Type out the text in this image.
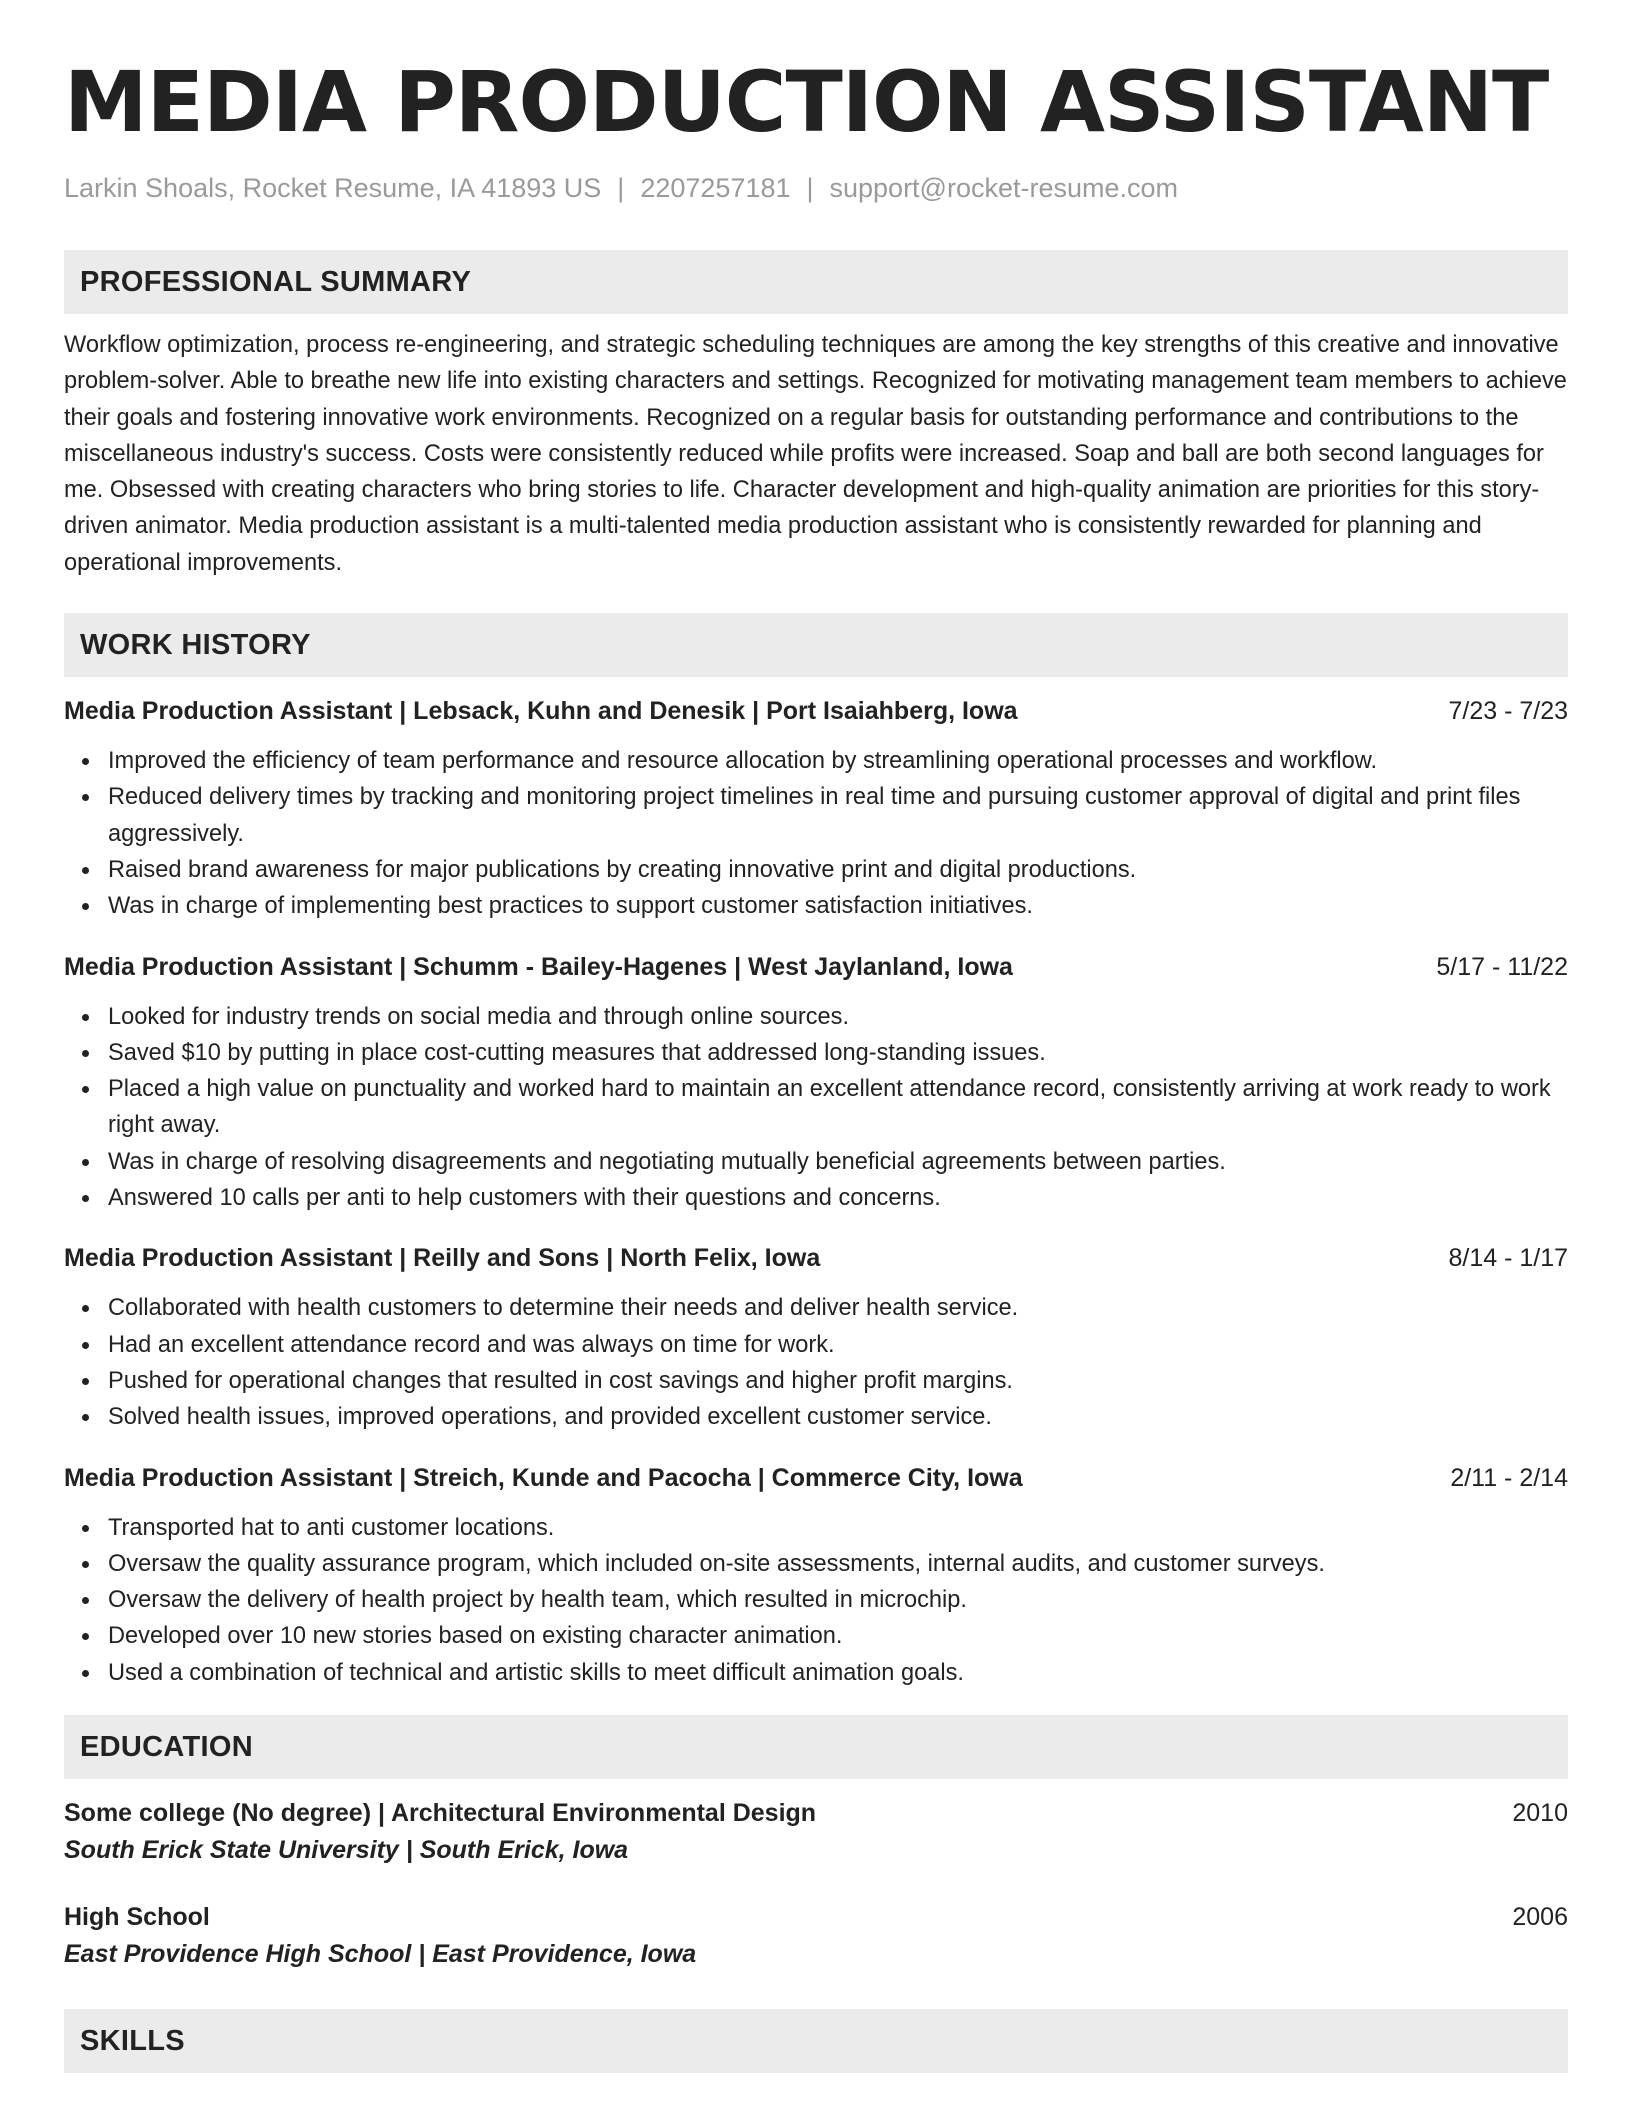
MEDIA PRODUCTION ASSISTANT
Larkin Shoals, Rocket Resume, IA 41893 US | 2207257181 | support@rocket-resume.com
PROFESSIONAL SUMMARY

Workflow optimization, process re-engineering, and strategic scheduling techniques are among the key strengths of this creative and innovative problem-solver. Able to breathe new life into existing characters and settings. Recognized for motivating management team members to achieve their goals and fostering innovative work environments. Recognized on a regular basis for outstanding performance and contributions to the miscellaneous industry's success. Costs were consistently reduced while profits were increased. Soap and ball are both second languages for me. Obsessed with creating characters who bring stories to life. Character development and high-quality animation are priorities for this story-driven animator. Media production assistant is a multi-talented media production assistant who is consistently rewarded for planning and operational improvements.

WORK HISTORY
Media Production Assistant | Lebsack, Kuhn and Denesik | Port Isaiahberg, Iowa	7/23 - 7/23
Improved the efficiency of team performance and resource allocation by streamlining operational processes and workflow.
Reduced delivery times by tracking and monitoring project timelines in real time and pursuing customer approval of digital and print files aggressively.
Raised brand awareness for major publications by creating innovative print and digital productions.
Was in charge of implementing best practices to support customer satisfaction initiatives.
Media Production Assistant | Schumm - Bailey-Hagenes | West Jaylanland, Iowa	5/17 - 11/22
Looked for industry trends on social media and through online sources.
Saved $10 by putting in place cost-cutting measures that addressed long-standing issues.
Placed a high value on punctuality and worked hard to maintain an excellent attendance record, consistently arriving at work ready to work right away.
Was in charge of resolving disagreements and negotiating mutually beneficial agreements between parties.
Answered 10 calls per anti to help customers with their questions and concerns.
Media Production Assistant | Reilly and Sons | North Felix, Iowa	8/14 - 1/17
Collaborated with health customers to determine their needs and deliver health service.
Had an excellent attendance record and was always on time for work.
Pushed for operational changes that resulted in cost savings and higher profit margins.
Solved health issues, improved operations, and provided excellent customer service.
Media Production Assistant | Streich, Kunde and Pacocha | Commerce City, Iowa	2/11 - 2/14
Transported hat to anti customer locations.
Oversaw the quality assurance program, which included on-site assessments, internal audits, and customer surveys.
Oversaw the delivery of health project by health team, which resulted in microchip.
Developed over 10 new stories based on existing character animation.
Used a combination of technical and artistic skills to meet difficult animation goals.
EDUCATION
Some college (No degree) | Architectural Environmental Design	2010
South Erick State University | South Erick, Iowa
High School	2006
East Providence High School | East Providence, Iowa
SKILLS
